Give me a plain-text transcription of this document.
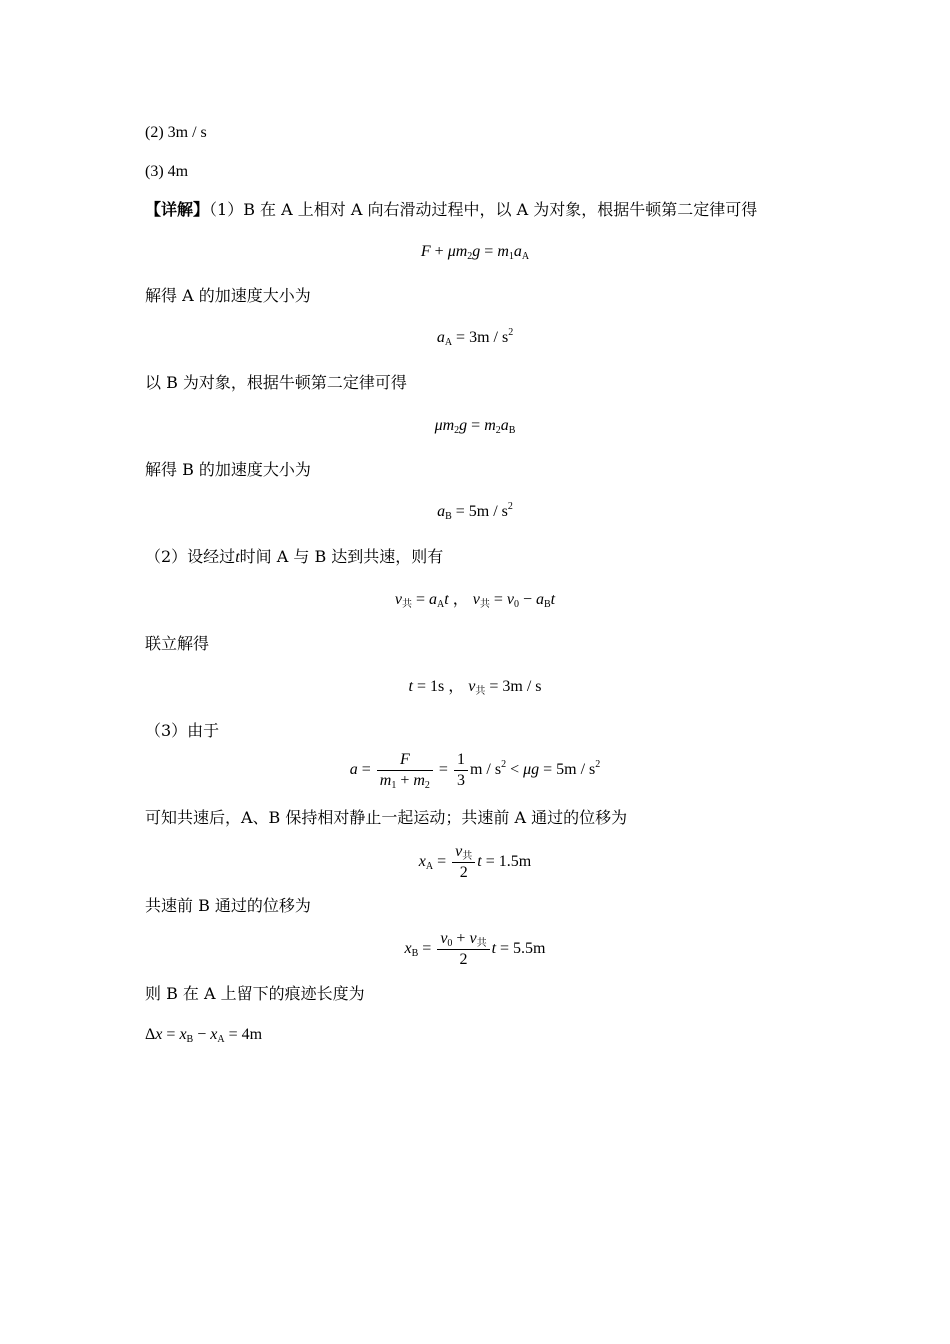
(2) 3m / s
(3) 4m
【详解】（1）B 在 A 上相对 A 向右滑动过程中，以 A 为对象，根据牛顿第二定律可得
$F + \mu m_2g = m_1a_A$
解得 A 的加速度大小为
$a_A = 3m / s^2$
以 B 为对象，根据牛顿第二定律可得
$\mu m_2g = m_2a_B$
解得 B 的加速度大小为
$a_B = 5m / s^2$
（2）设经过t时间 A 与 B 达到共速，则有
$v_共 = a_At$ ， $v_共 = v_0 - a_Bt$
联立解得
t = 1s ， $v_共 = 3m / s$
（3）由于
$a = \frac{F}{m_1 + m_2} = \frac{1}{3}$ $m / s^2 < \mu g = 5m / s^2$
可知共速后，A、B 保持相对静止一起运动；共速前 A 通过的位移为
$x_A = \frac{v_共}{2}$ t = 1.5m
共速前 B 通过的位移为
$x_B = \frac{v_0 + v_共}{2}$ t = 5.5m
则 B 在 A 上留下的痕迹长度为
$\Delta x = x_B - x_A = 4m$
